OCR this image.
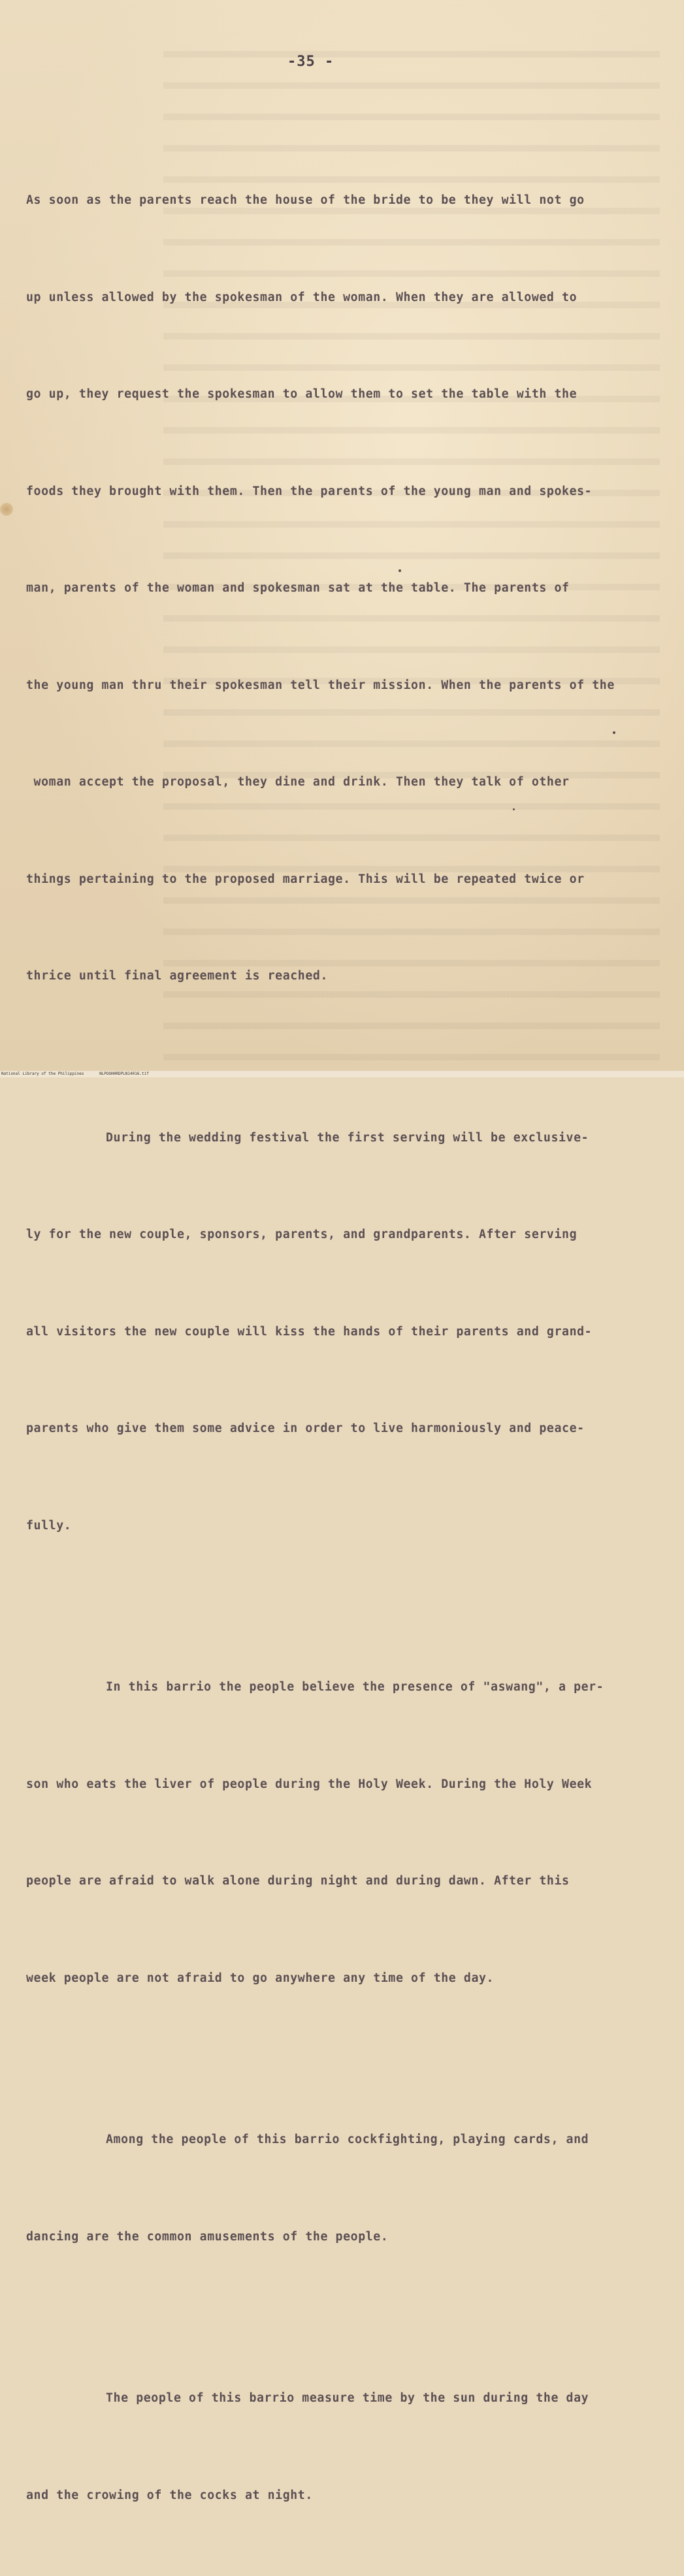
-35 -

As soon as the parents reach the house of the bride to be they will not go

up unless allowed by the spokesman of the woman. When they are allowed to

go up, they request the spokesman to allow them to set the table with the

foods they brought with them. Then the parents of the young man and spokes-

man, parents of the woman and spokesman sat at the table. The parents of

the young man thru their spokesman tell their mission. When the parents of the

woman accept the proposal, they dine and drink. Then they talk of other

things pertaining to the proposed marriage. This will be repeated twice or

thrice until final agreement is reached.

During the wedding festival the first serving will be exclusive-

ly for the new couple, sponsors, parents, and grandparents. After serving

all visitors the new couple will kiss the hands of their parents and grand-

parents who give them some advice in order to live harmoniously and peace-

fully.

In this barrio the people believe the presence of "aswang", a per-

son who eats the liver of people during the Holy Week. During the Holy Week

people are afraid to walk alone during night and during dawn. After this

week people are not afraid to go anywhere any time of the day.

Among the people of this barrio cockfighting, playing cards, and

dancing are the common amusements of the people.

The people of this barrio measure time by the sun during the day

and the crowing of the cocks at night.

National Library of the Philippines	NLPOOHHRDPLN14016.tif
